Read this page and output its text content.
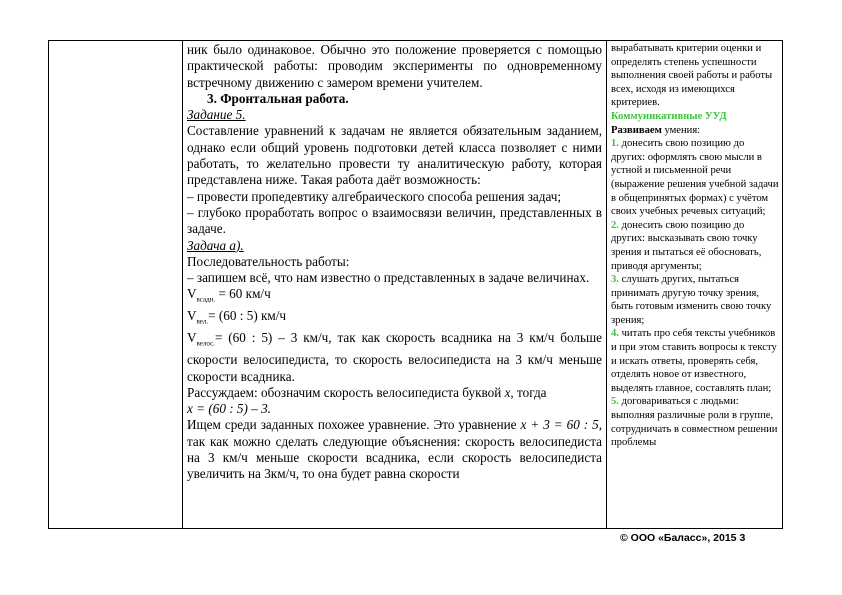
ник было одинаковое. Обычно это положение проверяется с помощью практической работы: проводим эксперименты по одновременному встречному движению с замером времени учителем.

3. Фронтальная работа.

Задание 5.

Составление уравнений к задачам не является обязательным заданием, однако если общий уровень подготовки детей класса позволяет с ними работать, то желательно провести ту аналитическую работу, которая представлена ниже. Такая работа даёт возможность:

– провести пропедевтику алгебраического способа решения задач;

– глубоко проработать вопрос о взаимосвязи величин, представленных в задаче.

Задача а).

Последовательность работы:

– запишем всё, что нам известно о представленных в задаче величинах.

$V_{всадн.} = 60$ км/ч

$V_{вел.}= (60$ : 5) км/ч

$V_{велос.}= (60$ : 5) – 3 км/ч, так как скорость всадника на 3 км/ч больше скорости велосипедиста, то скорость велосипедиста на 3 км/ч меньше скорости всадника.

Рассуждаем: обозначим скорость велосипедиста буквой x, тогда

x = (60 : 5) – 3.

Ищем среди заданных похожее уравнение. Это уравнение x + 3 = 60 : 5, так как можно сделать следующие объяснения: скорость велосипедиста на 3 км/ч меньше скорости всадника, если скорость велосипедиста увеличить на 3км/ч, то она будет равна скорости

вырабатывать критерии оценки и определять степень успешности выполнения своей работы и работы всех, исходя из имеющихся критериев.

Коммуникативные УУД

Развиваем умения:

1. донесить свою позицию до других: оформлять свою мысли в устной и письменной речи (выражение решения учебной задачи в общепринятых формах) с учётом своих учебных речевых ситуаций;

2. донесить свою позицию до других: высказывать свою точку зрения и пытаться её обосновать, приводя аргументы;

3. слушать других, пытаться принимать другую точку зрения, быть готовым изменить свою точку зрения;

4. читать про себя тексты учебников и при этом ставить вопросы к тексту и искать ответы, проверять себя, отделять новое от известного, выделять главное, составлять план;

5. договариваться с людьми: выполняя различные роли в группе, сотрудничать в совместном решении проблемы

© ООО «Баласс», 2015 3
